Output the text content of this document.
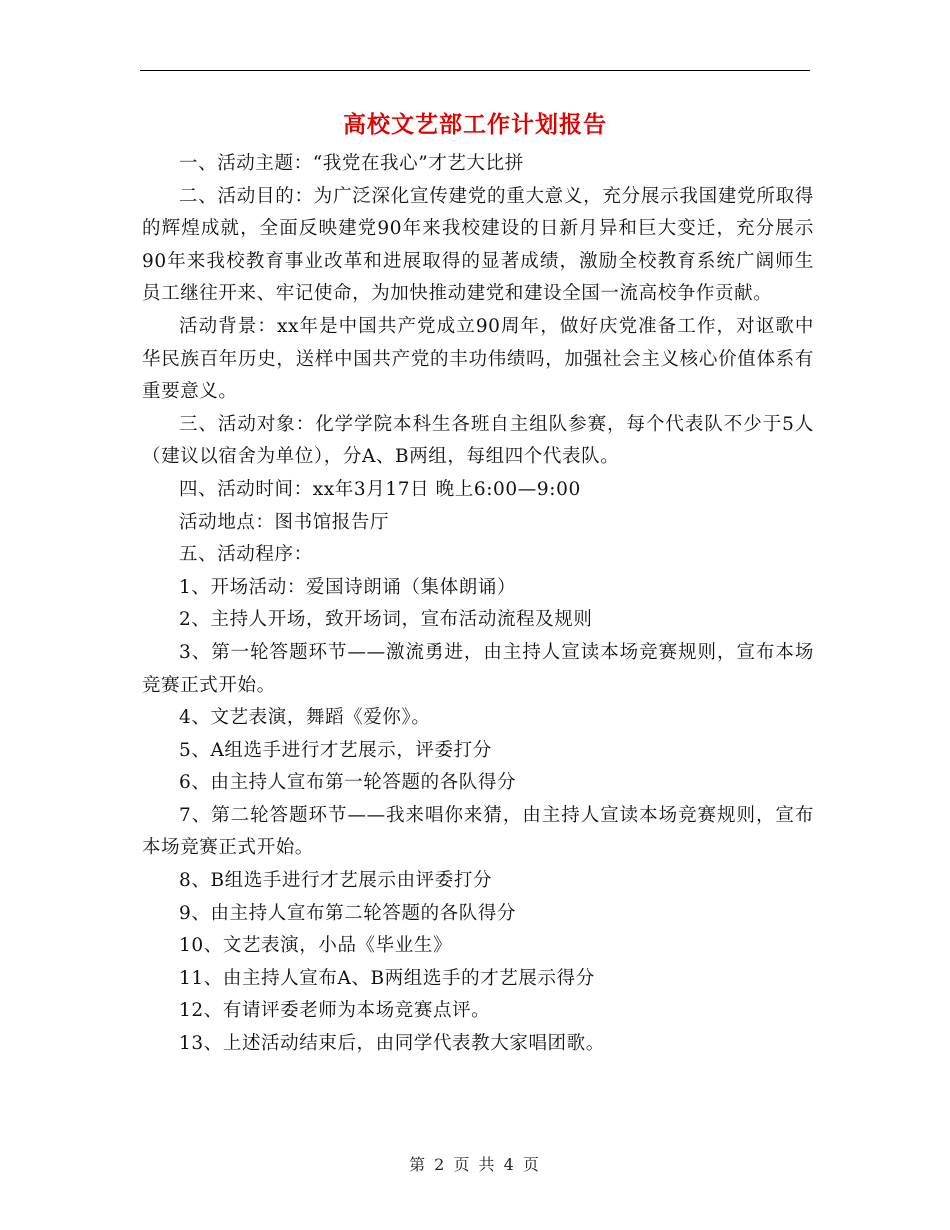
高校文艺部工作计划报告

一、活动主题：“我党在我心”才艺大比拼

二、活动目的：为广泛深化宣传建党的重大意义，充分展示我国建党所取得的辉煌成就，全面反映建党90年来我校建设的日新月异和巨大变迁，充分展示90年来我校教育事业改革和进展取得的显著成绩，激励全校教育系统广阔师生员工继往开来、牢记使命，为加快推动建党和建设全国一流高校争作贡献。

活动背景：xx年是中国共产党成立90周年，做好庆党准备工作，对讴歌中华民族百年历史，送样中国共产党的丰功伟绩吗，加强社会主义核心价值体系有重要意义。

三、活动对象：化学学院本科生各班自主组队参赛，每个代表队不少于5人（建议以宿舍为单位），分A、B两组，每组四个代表队。

四、活动时间：xx年3月17日 晚上6:00—9:00

活动地点：图书馆报告厅

五、活动程序：

1、开场活动：爱国诗朗诵（集体朗诵）

2、主持人开场，致开场词，宣布活动流程及规则

3、第一轮答题环节——激流勇进，由主持人宣读本场竞赛规则，宣布本场竞赛正式开始。

4、文艺表演，舞蹈《爱你》。

5、A组选手进行才艺展示，评委打分

6、由主持人宣布第一轮答题的各队得分

7、第二轮答题环节——我来唱你来猜，由主持人宣读本场竞赛规则，宣布本场竞赛正式开始。

8、B组选手进行才艺展示由评委打分

9、由主持人宣布第二轮答题的各队得分

10、文艺表演，小品《毕业生》

11、由主持人宣布A、B两组选手的才艺展示得分

12、有请评委老师为本场竞赛点评。

13、上述活动结束后，由同学代表教大家唱团歌。

第 2 页 共 4 页
